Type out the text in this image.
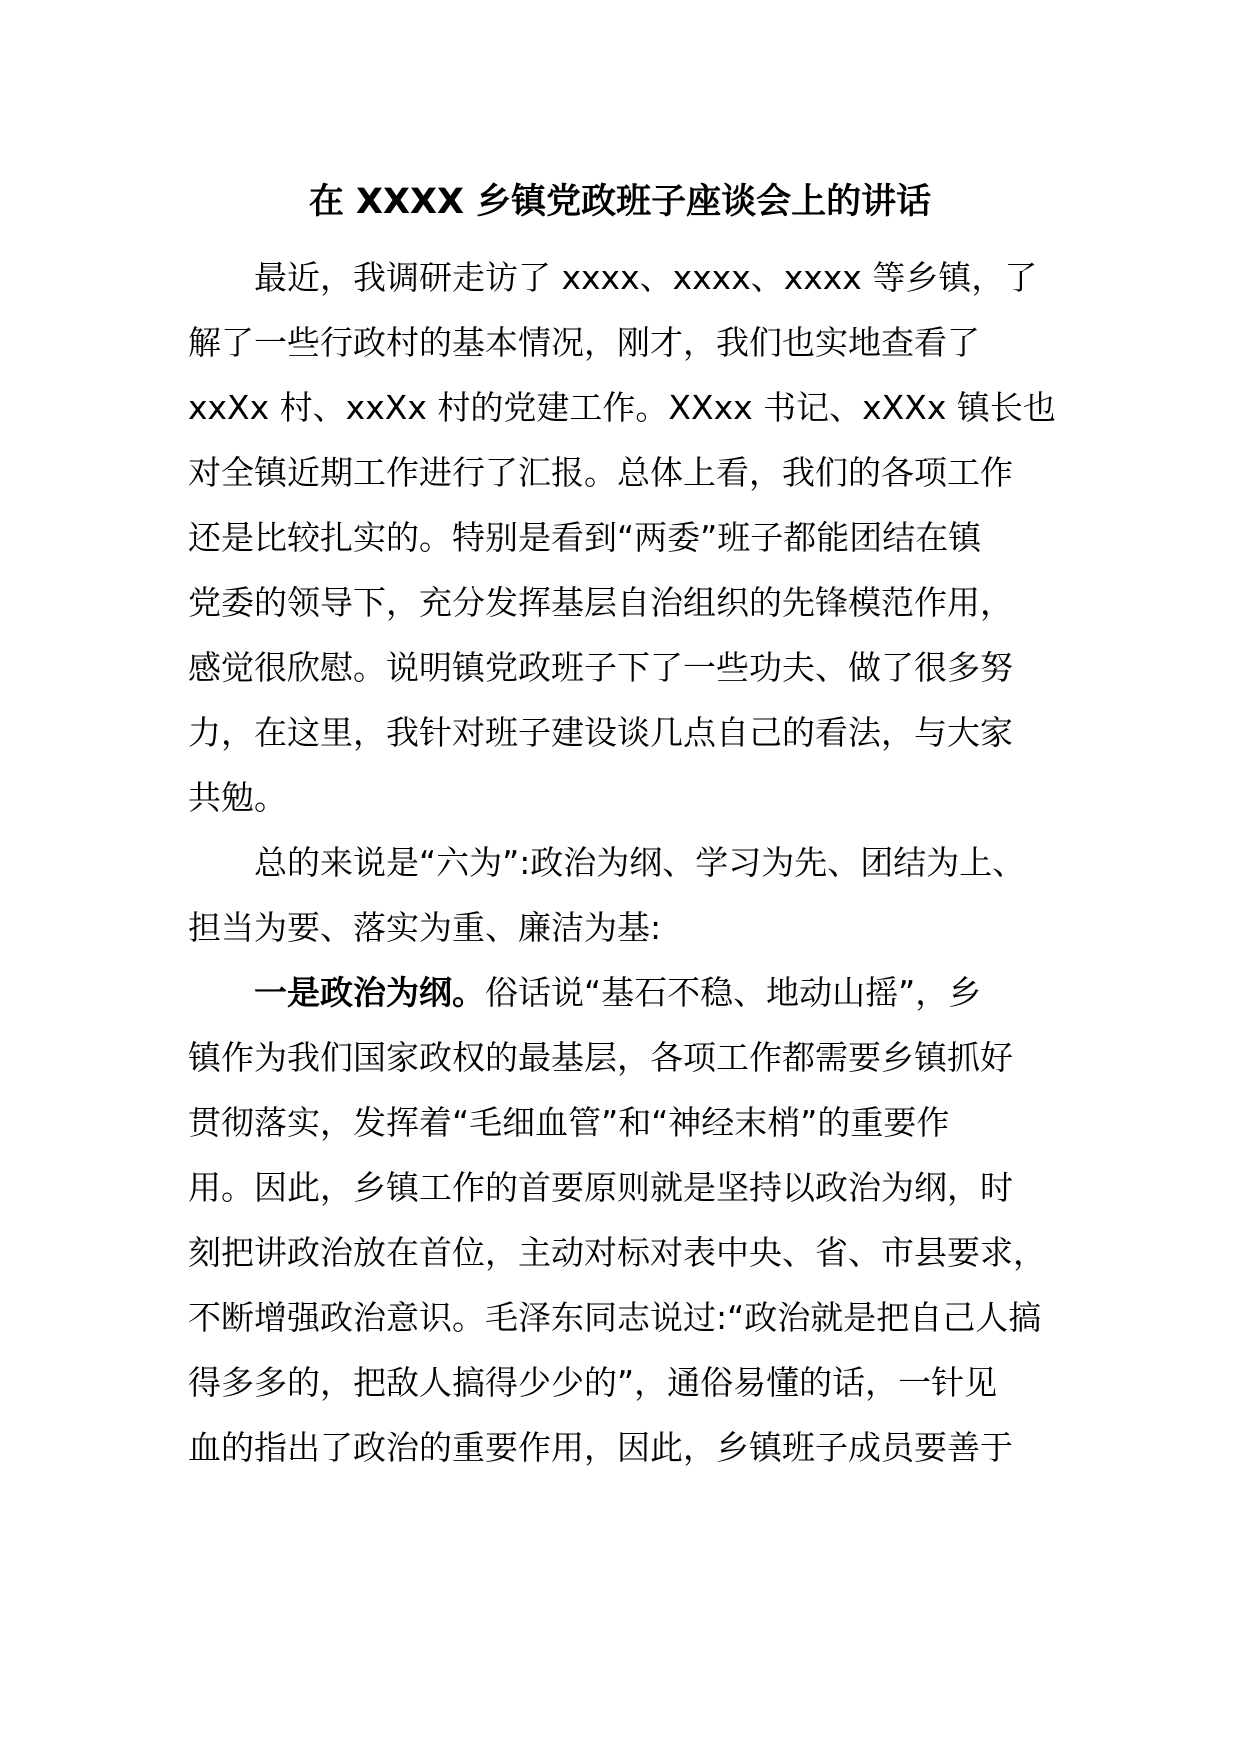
在 XXXX 乡镇党政班子座谈会上的讲话
最近，我调研走访了 xxxx、xxxx、xxxx 等乡镇，了
解了一些行政村的基本情况，刚才，我们也实地查看了
xxXx 村、xxXx 村的党建工作。XXxx 书记、xXXx 镇长也
对全镇近期工作进行了汇报。总体上看，我们的各项工作
还是比较扎实的。特别是看到“两委”班子都能团结在镇
党委的领导下，充分发挥基层自治组织的先锋模范作用，
感觉很欣慰。说明镇党政班子下了一些功夫、做了很多努
力，在这里，我针对班子建设谈几点自己的看法，与大家
共勉。
总的来说是“六为”:政治为纲、学习为先、团结为上、
担当为要、落实为重、廉洁为基:
一是政治为纲。俗话说“基石不稳、地动山摇”，乡
镇作为我们国家政权的最基层，各项工作都需要乡镇抓好
贯彻落实，发挥着“毛细血管”和“神经末梢”的重要作
用。因此，乡镇工作的首要原则就是坚持以政治为纲，时
刻把讲政治放在首位，主动对标对表中央、省、市县要求，
不断增强政治意识。毛泽东同志说过:“政治就是把自己人搞
得多多的，把敌人搞得少少的”，通俗易懂的话，一针见
血的指出了政治的重要作用，因此，乡镇班子成员要善于
